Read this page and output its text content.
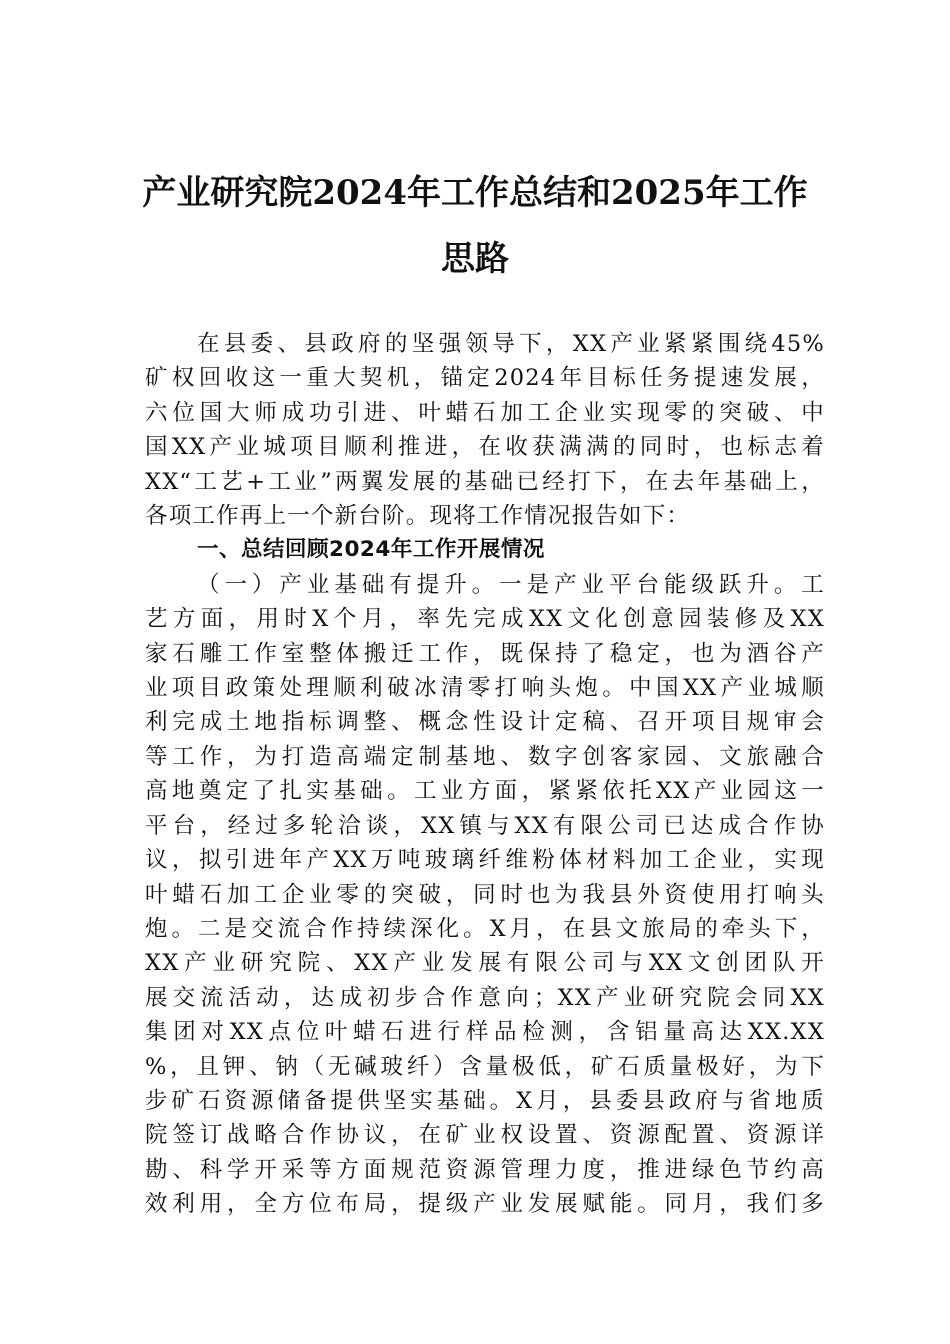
产业研究院2024年工作总结和2025年工作
思路
在县委、县政府的坚强领导下，XX产业紧紧围绕45%
矿权回收这一重大契机，锚定2024年目标任务提速发展，
六位国大师成功引进、叶蜡石加工企业实现零的突破、中
国XX产业城项目顺利推进，在收获满满的同时，也标志着
XX“工艺+工业”两翼发展的基础已经打下，在去年基础上，
各项工作再上一个新台阶。现将工作情况报告如下：
一、总结回顾2024年工作开展情况
（一）产业基础有提升。一是产业平台能级跃升。工
艺方面，用时X个月，率先完成XX文化创意园装修及XX
家石雕工作室整体搬迁工作，既保持了稳定，也为酒谷产
业项目政策处理顺利破冰清零打响头炮。中国XX产业城顺
利完成土地指标调整、概念性设计定稿、召开项目规审会
等工作，为打造高端定制基地、数字创客家园、文旅融合
高地奠定了扎实基础。工业方面，紧紧依托XX产业园这一
平台，经过多轮洽谈，XX镇与XX有限公司已达成合作协
议，拟引进年产XX万吨玻璃纤维粉体材料加工企业，实现
叶蜡石加工企业零的突破，同时也为我县外资使用打响头
炮。二是交流合作持续深化。X月，在县文旅局的牵头下，
XX产业研究院、XX产业发展有限公司与XX文创团队开
展交流活动，达成初步合作意向；XX产业研究院会同XX
集团对XX点位叶蜡石进行样品检测，含铝量高达XX.XX
%，且钾、钠（无碱玻纤）含量极低，矿石质量极好，为下
步矿石资源储备提供坚实基础。X月，县委县政府与省地质
院签订战略合作协议，在矿业权设置、资源配置、资源详
勘、科学开采等方面规范资源管理力度，推进绿色节约高
效利用，全方位布局，提级产业发展赋能。同月，我们多
